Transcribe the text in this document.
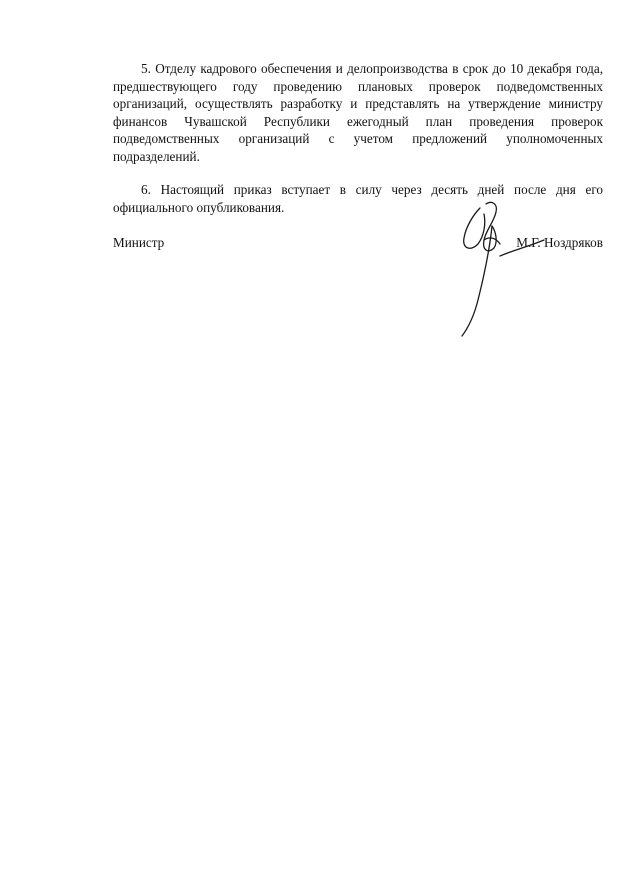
5. Отделу кадрового обеспечения и делопроизводства в срок до 10 декабря года, предшествующего году проведению плановых проверок подведомственных организаций, осуществлять разработку и представлять на утверждение министру финансов Чувашской Республики ежегодный план проведения проверок подведомственных организаций с учетом предложений уполномоченных подразделений.

6. Настоящий приказ вступает в силу через десять дней после дня его официального опубликования.

Министр	М.Г. Ноздряков
